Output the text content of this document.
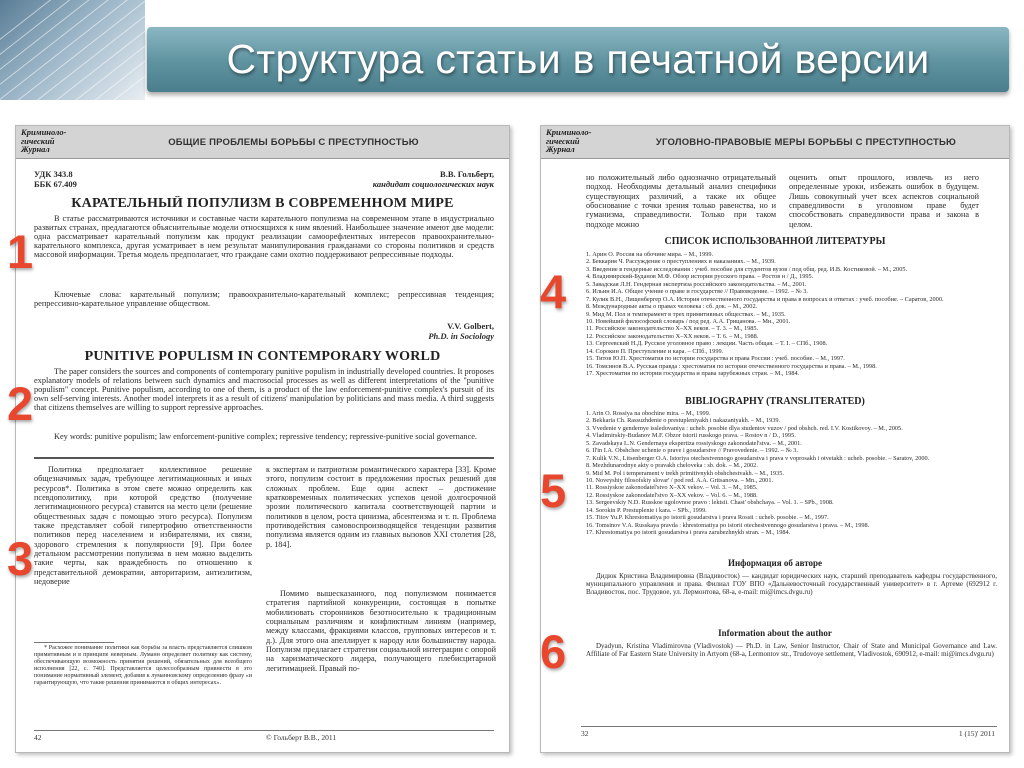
Структура статьи в печатной версии
Криминоло-
гический
Журнал
ОБЩИЕ ПРОБЛЕМЫ БОРЬБЫ С ПРЕСТУПНОСТЬЮ
УДК 343.8
ББК 67.409
В.В. Гольберт,
кандидат социологических наук
КАРАТЕЛЬНЫЙ ПОПУЛИЗМ В СОВРЕМЕННОМ МИРЕ
В статье рассматриваются источники и составные части карательного популизма на современном этапе в индустриально развитых странах, предлагаются объяснительные модели относящихся к ним явлений. Наибольшее значение имеют две модели: одна рассматривает карательный популизм как продукт реализации самоорефлентных интересов правоохранительно-карательного комплекса, другая усматривает в нем результат манипулирования гражданами со стороны политиков и средств массовой информации. Третья модель предполагает, что граждане сами охотно поддерживают репрессивные подходы.
Ключевые слова: карательный популизм; правоохранительно-карательный комплекс; репрессивная тенденция; репрессивно-карательное управление обществом.
V.V. Golbert,
Ph.D. in Sociology
PUNITIVE POPULISM IN CONTEMPORARY WORLD
The paper considers the sources and components of contemporary punitive populism in industrially developed countries. It proposes explanatory models of relations between such dynamics and macrosocial processes as well as different interpretations of the "punitive populism" concept. Punitive populism, according to one of them, is a product of the law enforcement-punitive complex's pursuit of its own self-serving interests. Another model interprets it as a result of citizens' manipulation by politicians and mass media. A third suggests that citizens themselves are willing to support repressive approaches.
Key words: punitive populism; law enforcement-punitive complex; repressive tendency; repressive-punitive social governance.
Политика предполагает коллективное решение общезначимых задач, требующее легитимационных и иных ресурсов*. Политика в этом свете можно определить как псевдополитику, при которой средство (получение легитимационного ресурса) ставится на место цели (решение общественных задач с помощью этого ресурса). Популизм также представляет собой гипертрофию ответственности политиков перед населением и избирателями, их связи, здорового стремления к популярности [9]. При более детальном рассмотрении популизма в нем можно выделить такие черты, как враждебность по отношению к представительной демократии, авторитаризм, антиэлитизм, недоверие
* Расхожее понимание политики как борьбы за власть представляется слишком примитивным и в принципе неверным. Луманн определяет политику как систему, обеспечивающую возможность принятия решений, обязательных для всеобщего исполнения [22, с. 740]. Представляется целесообразным привнести в это понимание нормативный элемент, добавив к луманновскому определению фразу «и гарантирующую, что такие решения принимаются в общих интересах».
к экспертам и патриотизм романтического характера [33]. Кроме этого, популизм состоит в предложении простых решений для сложных проблем. Еще один аспект – достижение кратковременных политических успехов ценой долгосрочной эрозии политического капитала соответствующей партии и политиков в целом, роста цинизма, абсентеизма и т. п. Проблема противодействия самовоспроизводящейся тенденции развития популизма является одним из главных вызовов XXI столетия [28, р. 184].
Помимо вышесказанного, под популизмом понимается стратегия партийной конкуренции, состоящая в попытке мобилизовать сторонников безотносительно к традиционным социальным различиям и конфликтным линиям (например, между классами, фракциями классов, групповых интересов и т. д.). Для этого она апеллирует к народу или большинству народа. Популизм предлагает стратегии социальной интеграции с опорой на харизматического лидера, получающего плебисцитарной легитимацией. Правый по-
42	© Гольберт В.В., 2011
Криминоло-
гический
Журнал
УГОЛОВНО-ПРАВОВЫЕ МЕРЫ БОРЬБЫ С ПРЕСТУПНОСТЬЮ
но положительный либо однозначно отрицательный подход. Необходимы детальный анализ специфики существующих различий, а также их общее обоснование с точки зрения только равенства, но и гуманизма, справедливости. Только при таком подходе можно
оценить опыт прошлого, извлечь из него определенные уроки, избежать ошибок в будущем. Лишь совокупный учет всех аспектов социальной справедливости в уголовном праве будет способствовать справедливости права и закона в целом.
СПИСОК ИСПОЛЬЗОВАННОЙ ЛИТЕРАТУРЫ
1. Арин О. Россия на обочине мира. – М., 1999.
2. Беккария Ч. Рассуждение о преступлениях и наказаниях. – М., 1939.
3. Введение в гендерные исследования : учеб. пособие для студентов вузов / под общ. ред. И.В. Костиковой. – М., 2005.
4. Владимирский-Буданов М.Ф. Обзор истории русского права. – Ростов н / Д., 1995.
5. Завадская Л.Н. Гендерная экспертиза российского законодательства. – М., 2001.
6. Ильин И.А. Общее учение о праве и государстве // Правоведение. – 1992. – № 3.
7. Кулик В.Н., Лищенбергер О.А. История отечественного государства и права в вопросах и ответах : учеб. пособие. – Саратов, 2000.
8. Международные акты о правах человека : сб. док. – М., 2002.
9. Мид М. Пол и темперамент в трех примитивных обществах. – М., 1935.
10. Новейший философский словарь / под ред. А.А. Грицанова. – Мн., 2001.
11. Российское законодательство X–XX веков. – Т. 3. – М., 1985.
12. Российское законодательство X–XX веков. – Т. 6. – М., 1988.
13. Сергеевский Н.Д. Русское уголовное право : лекции. Часть общая. – Т. I. – СПб., 1908.
14. Сорокин П. Преступление и кара. – СПб., 1999.
15. Титов Ю.П. Хрестоматия по истории государства и права России : учеб. пособие. – М., 1997.
16. Томсинов В.А. Русская правда : хрестоматия по истории отечественного государства и права. – М., 1998.
17. Хрестоматия по истории государства и права зарубежных стран. – М., 1984.
BIBLIOGRAPHY (TRANSLITERATED)
1. Arin O. Rossiya na obochine mira. – M., 1999.
2. Bekkaria Ch. Rassuzhdenie o prestupleniyakh i nakazaniyakh. – M., 1939.
3. Vvedenie v gendernye issledovaniya : ucheb. posobie dlya studentov vuzov / pod obshch. red. I.V. Kostikovoy. – M., 2005.
4. Vladimirskiy-Budanov M.F. Obzor istorii russkogo prava. – Rostov n / D., 1995.
5. Zavadskaya L.N. Gendernaya ekspertiza rossiyskogo zakonodatel'stva. – M., 2001.
6. Il'in I.A. Obshchee uchenie o prave i gosudarstve // Pravovedenie. – 1992. – № 3.
7. Kulik V.N., Litsenberger O.A. Istoriya otechestvennogo gosudarstva i prava v voprosakh i otvetakh : ucheb. posobie. – Saratov, 2000.
8. Mezhdunarodnye akty o pravakh cheloveka : sb. dok. – M., 2002.
9. Mid M. Pol i temperament v trekh primitivnykh obshchestvakh. – M., 1935.
10. Noveyshiy filosofskiy slovar' / pod red. A.A. Gritsanova. – Mn., 2001.
11. Rossiyskoe zakonodatel'stvo X–XX vekov. – Vol. 3. – M., 1985.
12. Rossiyskoe zakonodatel'stvo X–XX vekov. – Vol. 6. – M., 1988.
13. Sergeevskiy N.D. Russkoe ugolovnoe pravo : lektsii. Chast' obshchaya. – Vol. 1. – SPb., 1908.
14. Sorokin P. Prestuplenie i kara. – SPb., 1999.
15. Titov Yu.P. Khrestomatiya po istorii gosudarstva i prava Rossii : ucheb. posobie. – M., 1997.
16. Tomsinov V.A. Russkaya pravda : khrestomatiya po istorii otechestvennogo gosudarstva i prava. – M., 1998.
17. Khrestomatiya po istorii gosudarstva i prava zarubezhnykh stran. – M., 1984.
Информация об авторе
Дидюк Кристина Владимировна (Владивосток) — кандидат юридических наук, старший преподаватель кафедры государственного, муниципального управления и права. Филиал ГОУ ВПО «Дальневосточный государственный университет» в г. Артеме (692912 г. Владивосток, пос. Трудовое, ул. Лермонтова, 68-а, e-mail: mi@imcs.dvgu.ru)
Information about the author
Dyadyun, Kristina Vladimirovna (Vladivostok) — Ph.D. in Law, Senior Instructor, Chair of State and Municipal Governance and Law. Affiliate of Far Eastern State University in Artyom (68-a, Lermontov str., Trudovoye settlement, Vladivostok, 690912, e-mail: mi@imcs.dvgu.ru)
32	1 (15)' 2011
1
2
3
4
5
6
